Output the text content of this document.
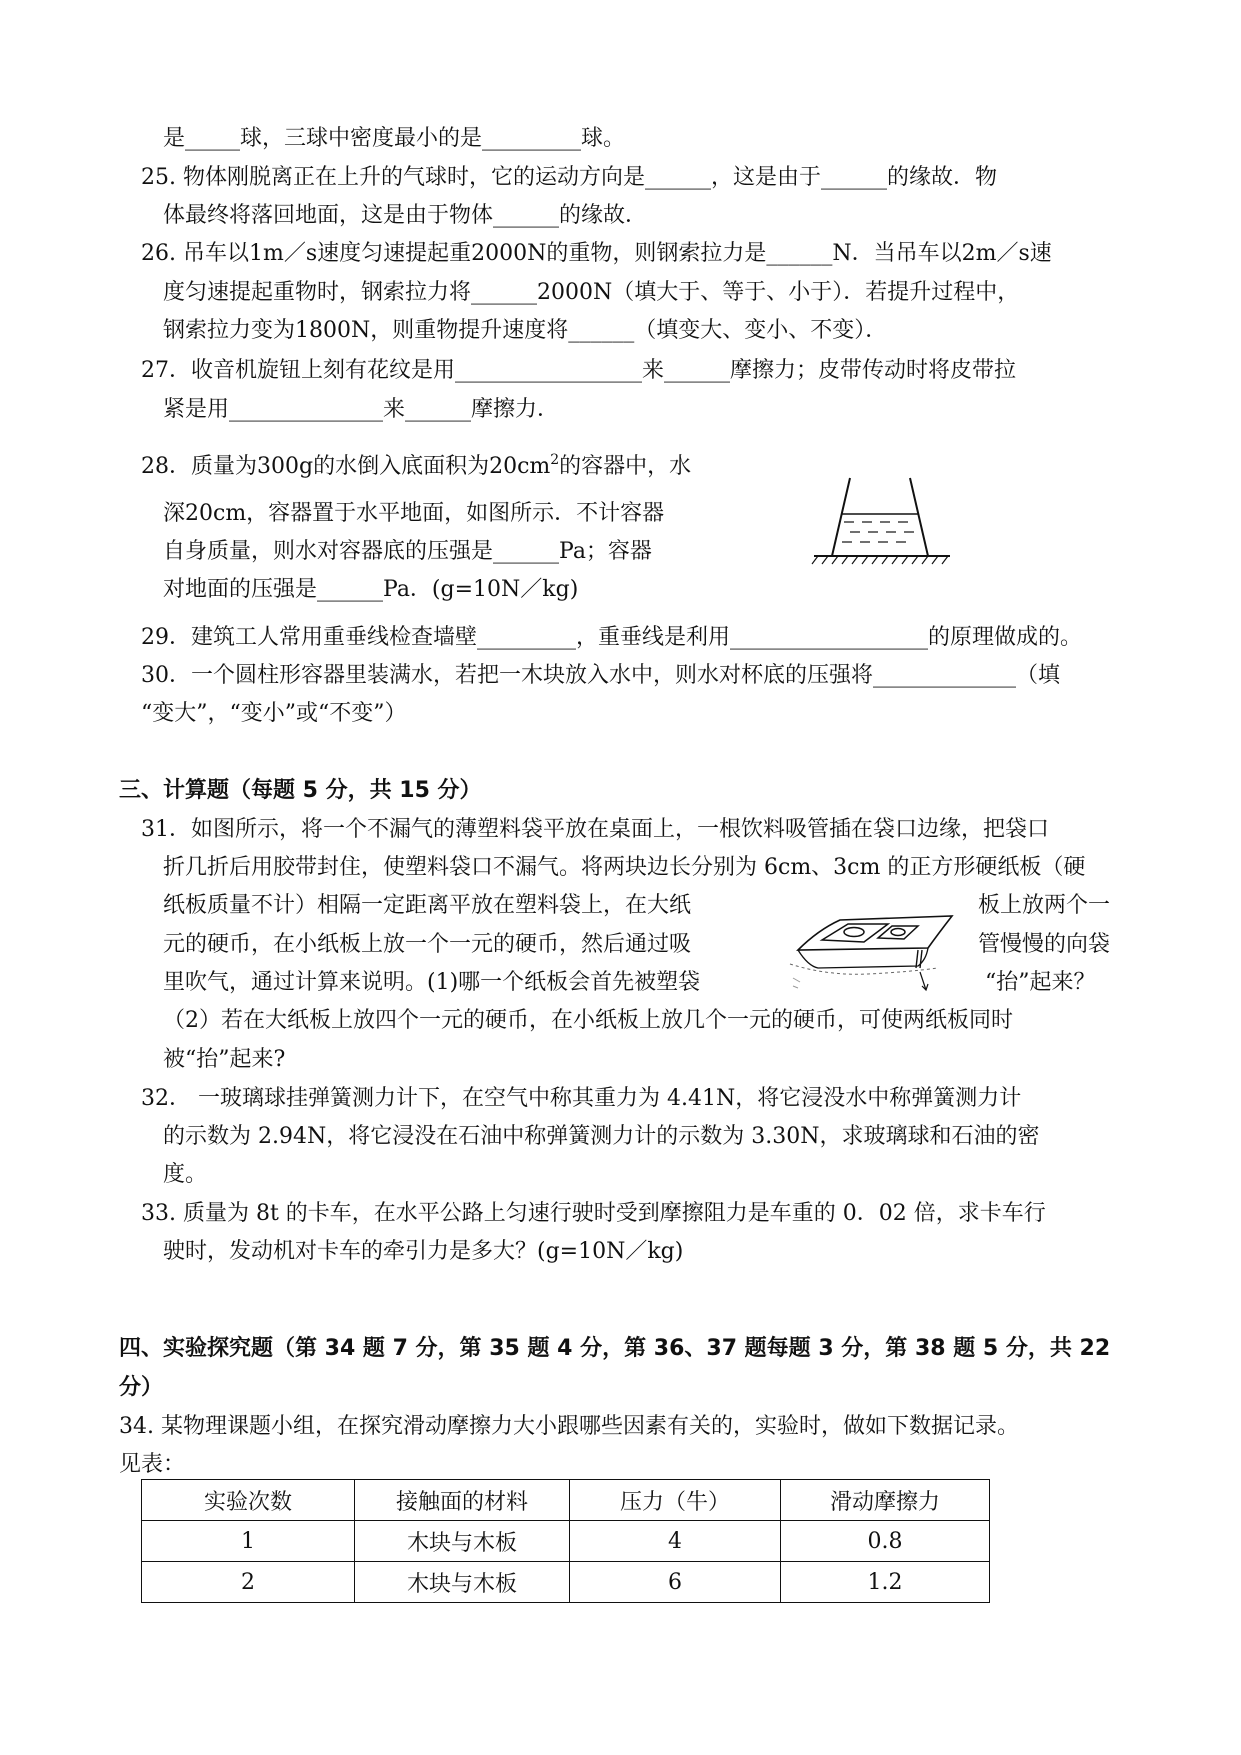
是_____球，三球中密度最小的是_________球。
25. 物体刚脱离正在上升的气球时，它的运动方向是______，这是由于______的缘故．物
体最终将落回地面，这是由于物体______的缘故．
26. 吊车以1m／s速度匀速提起重2000N的重物，则钢索拉力是______N．当吊车以2m／s速
度匀速提起重物时，钢索拉力将______2000N（填大于、等于、小于）．若提升过程中，
钢索拉力变为1800N，则重物提升速度将______（填变大、变小、不变）．
27．收音机旋钮上刻有花纹是用_________________来______摩擦力；皮带传动时将皮带拉
紧是用______________来______摩擦力．
28．质量为300g的水倒入底面积为$20cm^2$的容器中，水
深20cm，容器置于水平地面，如图所示．不计容器
自身质量，则水对容器底的压强是______Pa；容器
对地面的压强是______Pa．(g=10N／kg)
29．建筑工人常用重垂线检查墙壁_________，重垂线是利用__________________的原理做成的。
30．一个圆柱形容器里装满水，若把一木块放入水中，则水对杯底的压强将_____________（填
“变大”，“变小”或“不变”）
三、计算题（每题 5 分，共 15 分）
31．如图所示，将一个不漏气的薄塑料袋平放在桌面上，一根饮料吸管插在袋口边缘，把袋口
折几折后用胶带封住，使塑料袋口不漏气。将两块边长分别为 6cm、3cm 的正方形硬纸板（硬
纸板质量不计）相隔一定距离平放在塑料袋上，在大纸	板上放两个一
元的硬币，在小纸板上放一个一元的硬币，然后通过吸	管慢慢的向袋
里吹气，通过计算来说明。(1)哪一个纸板会首先被塑袋	“抬”起来？
（2）若在大纸板上放四个一元的硬币，在小纸板上放几个一元的硬币，可使两纸板同时
被“抬”起来?
32． 一玻璃球挂弹簧测力计下，在空气中称其重力为 4.41N，将它浸没水中称弹簧测力计
的示数为 2.94N，将它浸没在石油中称弹簧测力计的示数为 3.30N，求玻璃球和石油的密
度。
33. 质量为 8t 的卡车，在水平公路上匀速行驶时受到摩擦阻力是车重的 0．02 倍，求卡车行
驶时，发动机对卡车的牵引力是多大？(g=10N／kg)
四、实验探究题（第 34 题 7 分，第 35 题 4 分，第 36、37 题每题 3 分，第 38 题 5 分，共 22
分）
34. 某物理课题小组，在探究滑动摩擦力大小跟哪些因素有关的，实验时，做如下数据记录。
见表：
实验次数	接触面的材料	压力（牛）	滑动摩擦力
1	木块与木板	4	0.8
2	木块与木板	6	1.2
